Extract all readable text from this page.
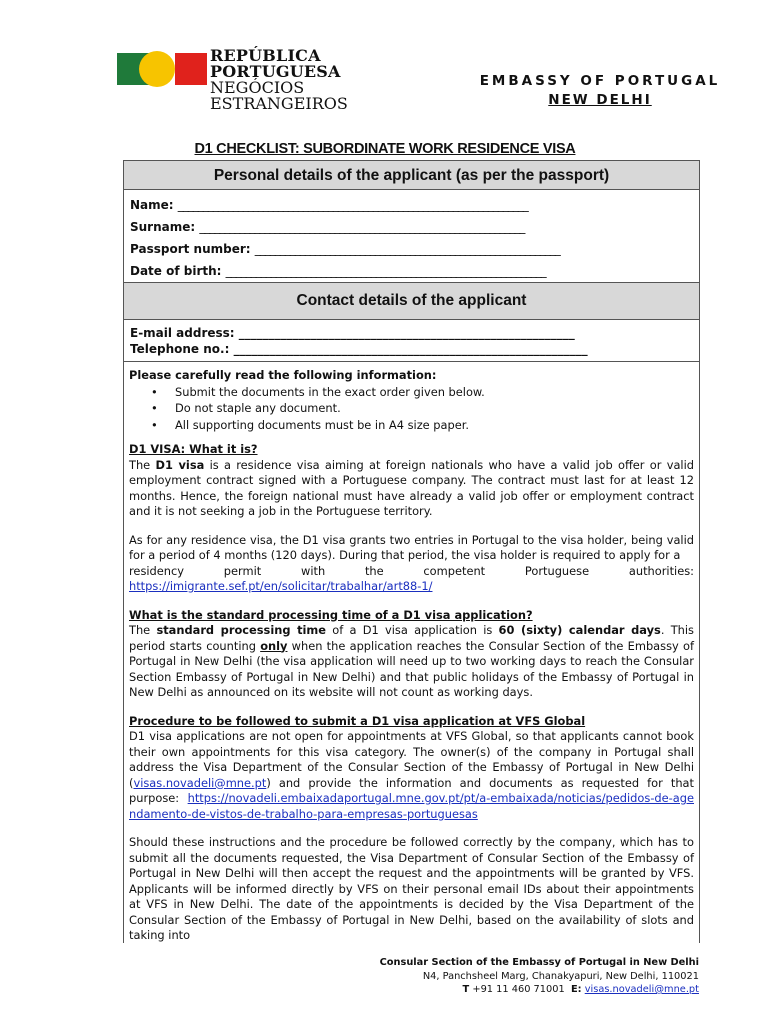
REPÚBLICA
PORTUGUESA
NEGÓCIOS
ESTRANGEIROS
EMBASSY OF PORTUGAL
NEW DELHI
D1 CHECKLIST: SUBORDINATE WORK RESIDENCE VISA
Personal details of the applicant (as per the passport)
Name: ______________________________________________________________________
Surname: _________________________________________________________________
Passport number: _____________________________________________________________
Date of birth: ________________________________________________________________
Contact details of the applicant
E-mail address: ________________________________________________________
Telephone no.: ___________________________________________________________
Please carefully read the following information:
• Submit the documents in the exact order given below.
• Do not staple any document.
• All supporting documents must be in A4 size paper.
D1 VISA: What it is?

The D1 visa is a residence visa aiming at foreign nationals who have a valid job offer or valid employment contract signed with a Portuguese company. The contract must last for at least 12 months. Hence, the foreign national must have already a valid job offer or employment contract and it is not seeking a job in the Portuguese territory.

As for any residence visa, the D1 visa grants two entries in Portugal to the visa holder, being valid for a period of 4 months (120 days). During that period, the visa holder is required to apply for a

residency	permit	with	the	competent	Portuguese	authorities:
https://imigrante.sef.pt/en/solicitar/trabalhar/art88-1/
What is the standard processing time of a D1 visa application?

The standard processing time of a D1 visa application is 60 (sixty) calendar days. This period starts counting only when the application reaches the Consular Section of the Embassy of Portugal in New Delhi (the visa application will need up to two working days to reach the Consular Section Embassy of Portugal in New Delhi) and that public holidays of the Embassy of Portugal in New Delhi as announced on its website will not count as working days.

Procedure to be followed to submit a D1 visa application at VFS Global

D1 visa applications are not open for appointments at VFS Global, so that applicants cannot book their own appointments for this visa category. The owner(s) of the company in Portugal shall address the Visa Department of the Consular Section of the Embassy of Portugal in New Delhi (visas.novadeli@mne.pt) and provide the information and documents as requested for that purpose: https://novadeli.embaixadaportugal.mne.gov.pt/pt/a-embaixada/noticias/pedidos-de-agendamento-de-vistos-de-trabalho-para-empresas-portuguesas

Should these instructions and the procedure be followed correctly by the company, which has to submit all the documents requested, the Visa Department of Consular Section of the Embassy of Portugal in New Delhi will then accept the request and the appointments will be granted by VFS. Applicants will be informed directly by VFS on their personal email IDs about their appointments at VFS in New Delhi. The date of the appointments is decided by the Visa Department of the Consular Section of the Embassy of Portugal in New Delhi, based on the availability of slots and taking into

Consular Section of the Embassy of Portugal in New Delhi
N4, Panchsheel Marg, Chanakyapuri, New Delhi, 110021
T +91 11 460 71001 E: visas.novadeli@mne.pt
